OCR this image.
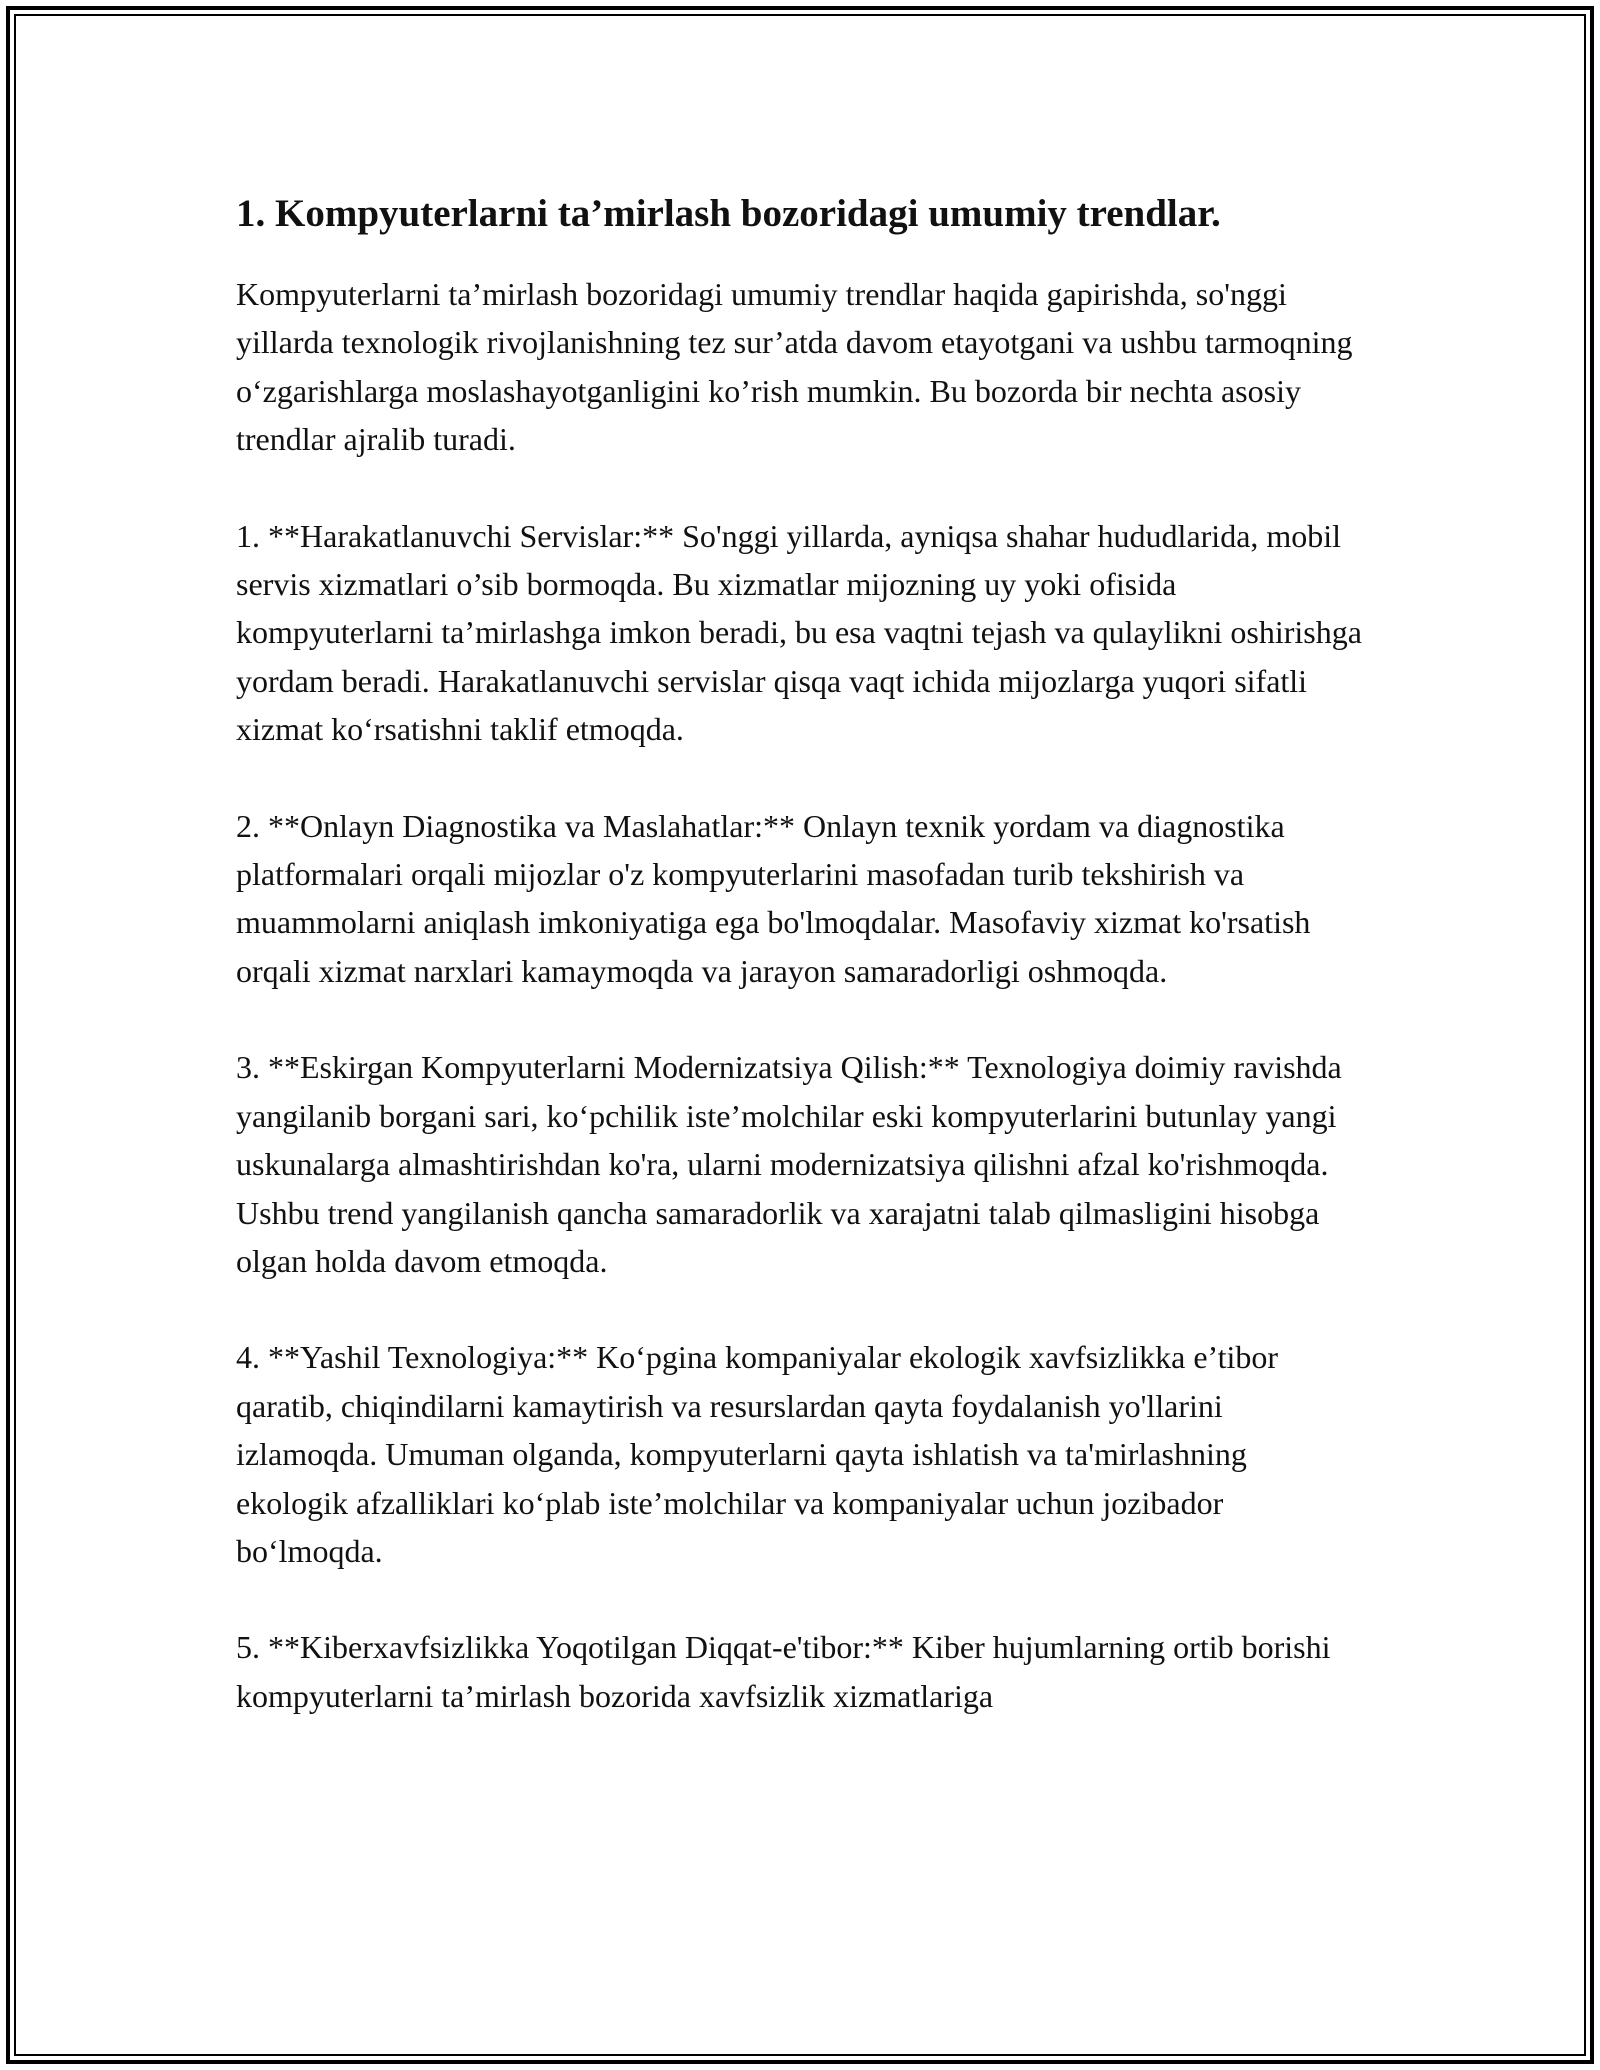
1. Kompyuterlarni ta’mirlash bozoridagi umumiy trendlar.

Kompyuterlarni ta’mirlash bozoridagi umumiy trendlar haqida gapirishda, so'nggi yillarda texnologik rivojlanishning tez sur’atda davom etayotgani va ushbu tarmoqning o‘zgarishlarga moslashayotganligini ko’rish mumkin. Bu bozorda bir nechta asosiy trendlar ajralib turadi.

1. **Harakatlanuvchi Servislar:** So'nggi yillarda, ayniqsa shahar hududlarida, mobil servis xizmatlari o’sib bormoqda. Bu xizmatlar mijozning uy yoki ofisida kompyuterlarni ta’mirlashga imkon beradi, bu esa vaqtni tejash va qulaylikni oshirishga yordam beradi. Harakatlanuvchi servislar qisqa vaqt ichida mijozlarga yuqori sifatli xizmat ko‘rsatishni taklif etmoqda.

2. **Onlayn Diagnostika va Maslahatlar:** Onlayn texnik yordam va diagnostika platformalari orqali mijozlar o'z kompyuterlarini masofadan turib tekshirish va muammolarni aniqlash imkoniyatiga ega bo'lmoqdalar. Masofaviy xizmat ko'rsatish orqali xizmat narxlari kamaymoqda va jarayon samaradorligi oshmoqda.

3. **Eskirgan Kompyuterlarni Modernizatsiya Qilish:** Texnologiya doimiy ravishda yangilanib borgani sari, ko‘pchilik iste’molchilar eski kompyuterlarini butunlay yangi uskunalarga almashtirishdan ko'ra, ularni modernizatsiya qilishni afzal ko'rishmoqda. Ushbu trend yangilanish qancha samaradorlik va xarajatni talab qilmasligini hisobga olgan holda davom etmoqda.

4. **Yashil Texnologiya:** Ko‘pgina kompaniyalar ekologik xavfsizlikka e’tibor qaratib, chiqindilarni kamaytirish va resurslardan qayta foydalanish yo'llarini izlamoqda. Umuman olganda, kompyuterlarni qayta ishlatish va ta'mirlashning ekologik afzalliklari ko‘plab iste’molchilar va kompaniyalar uchun jozibador bo‘lmoqda.

5. **Kiberxavfsizlikka Yoqotilgan Diqqat-e'tibor:** Kiber hujumlarning ortib borishi kompyuterlarni ta’mirlash bozorida xavfsizlik xizmatlariga
